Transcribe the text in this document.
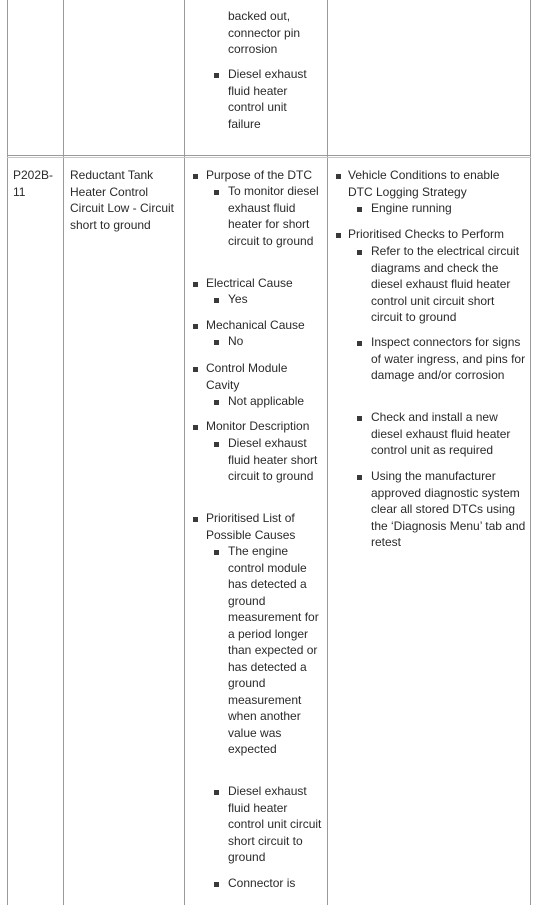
backed out, connector pin corrosion
Diesel exhaust fluid heater control unit failure
P202B-11
Reductant Tank Heater Control Circuit Low - Circuit short to ground
Purpose of the DTC
To monitor diesel exhaust fluid heater for short circuit to ground
Electrical Cause
Yes
Mechanical Cause
No
Control Module Cavity
Not applicable
Monitor Description
Diesel exhaust fluid heater short circuit to ground
Prioritised List of Possible Causes
The engine control module has detected a ground measurement for a period longer than expected or has detected a ground measurement when another value was expected
Diesel exhaust fluid heater control unit circuit short circuit to ground
Connector is
Vehicle Conditions to enable DTC Logging Strategy
Engine running
Prioritised Checks to Perform
Refer to the electrical circuit diagrams and check the diesel exhaust fluid heater control unit circuit short circuit to ground
Inspect connectors for signs of water ingress, and pins for damage and/or corrosion
Check and install a new diesel exhaust fluid heater control unit as required
Using the manufacturer approved diagnostic system clear all stored DTCs using the ‘Diagnosis Menu’ tab and retest
